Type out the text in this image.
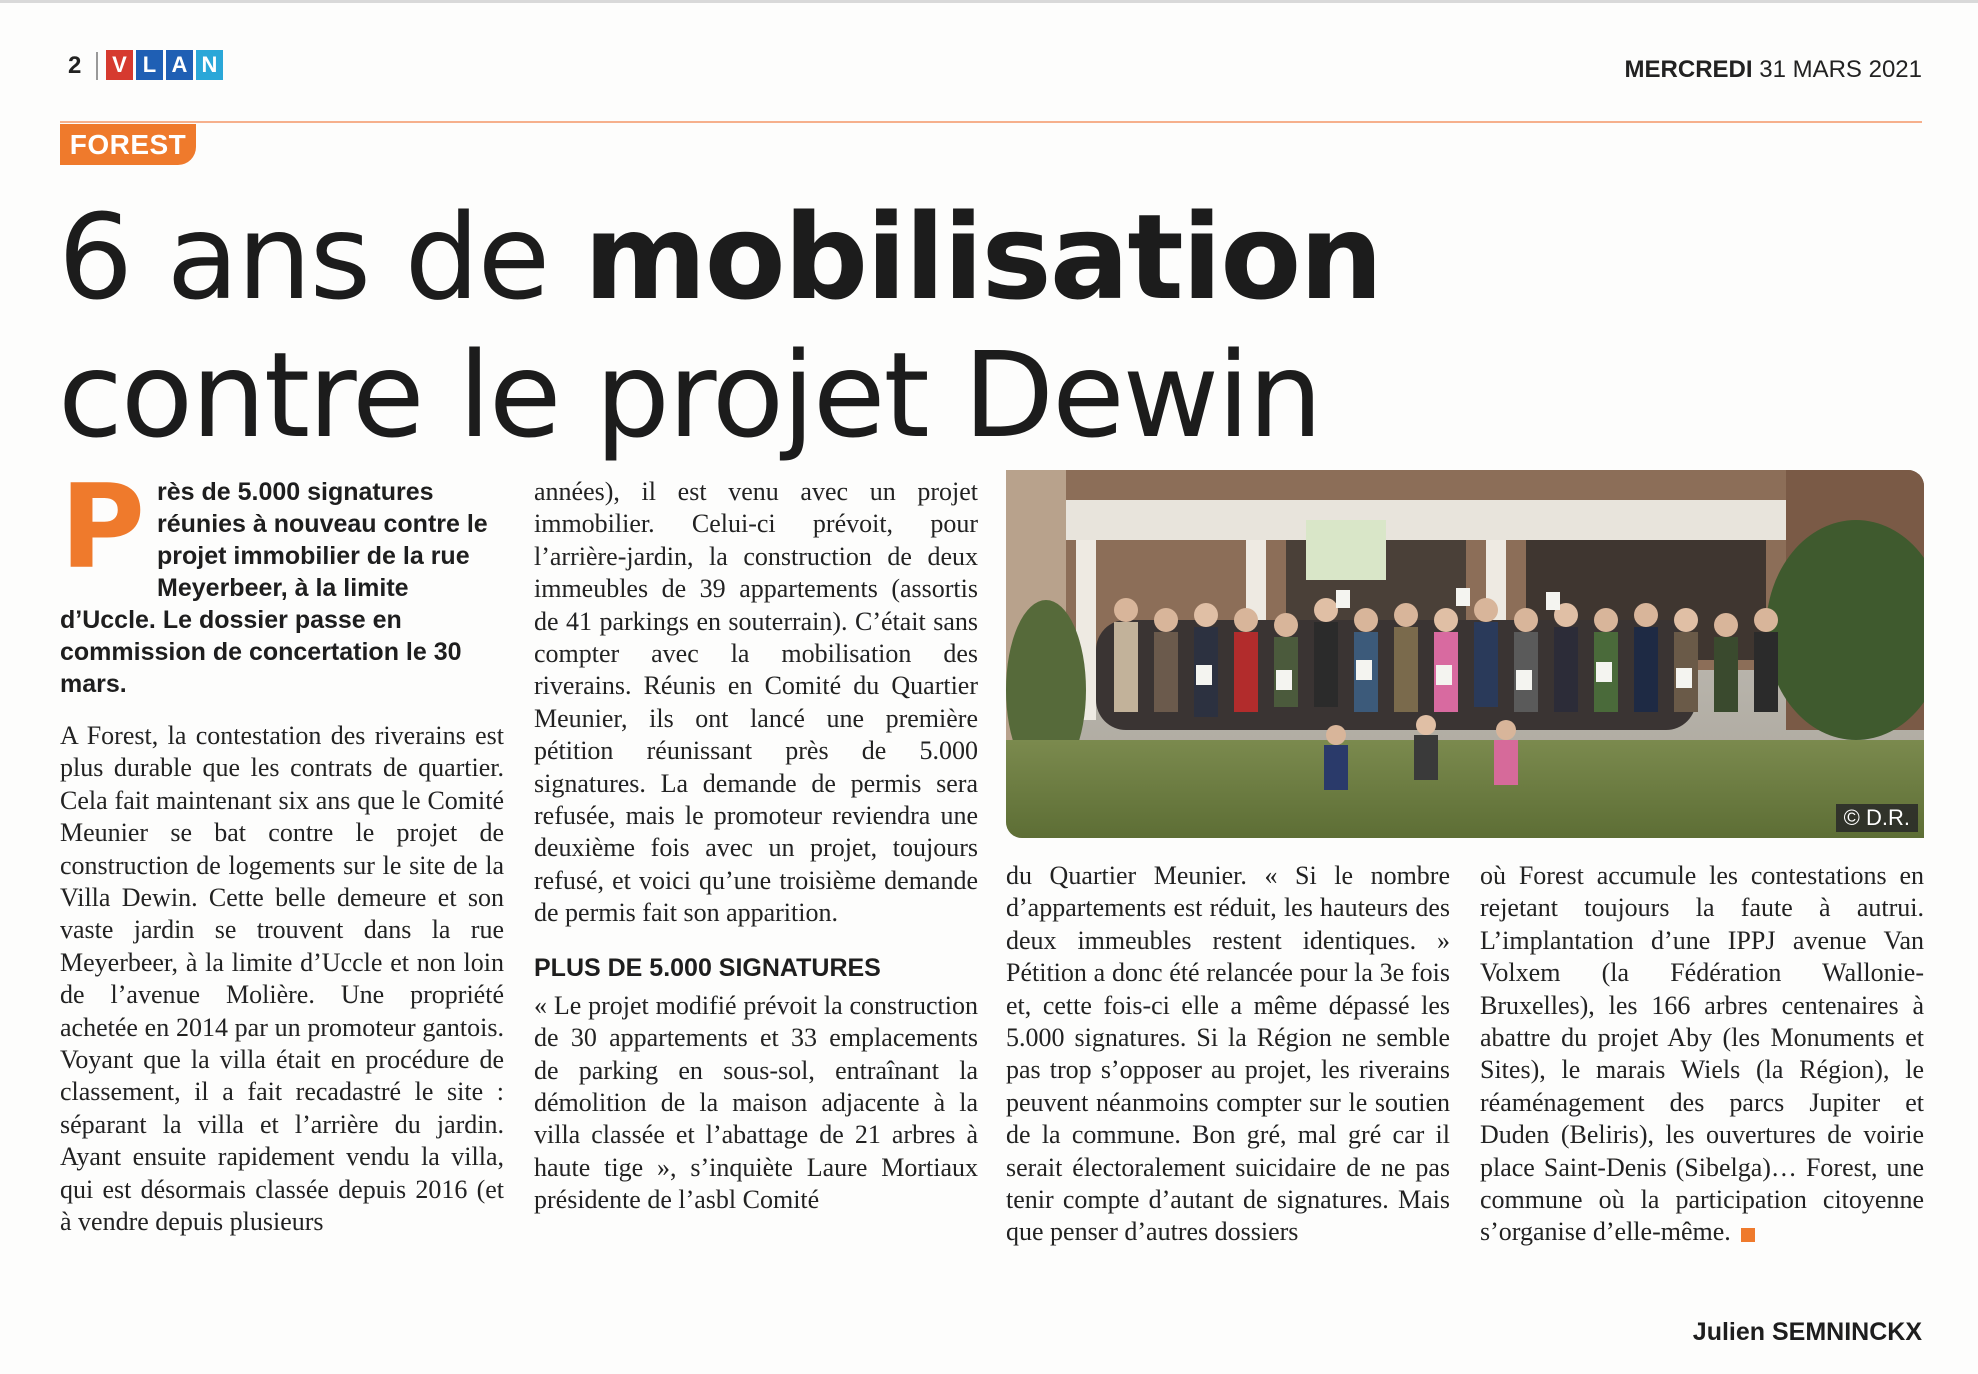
2 V L A N	MERCREDI 31 MARS 2021
FOREST
6 ans de mobilisation
contre le projet Dewin
Près de 5.000 signatures réunies à nouveau contre le projet immobilier de la rue Meyerbeer, à la limite d’Uccle. Le dossier passe en commission de concertation le 30 mars.

A Forest, la contestation des riverains est plus durable que les contrats de quartier. Cela fait maintenant six ans que le Comité Meunier se bat contre le projet de construction de logements sur le site de la Villa Dewin. Cette belle demeure et son vaste jardin se trouvent dans la rue Meyerbeer, à la limite d’Uccle et non loin de l’avenue Molière. Une propriété achetée en 2014 par un promoteur gantois. Voyant que la villa était en procédure de classement, il a fait recadastré le site : séparant la villa et l’arrière du jardin. Ayant ensuite rapidement vendu la villa, qui est désormais classée depuis 2016 (et à vendre depuis plusieurs

années), il est venu avec un projet immobilier. Celui-ci prévoit, pour l’arrière-jardin, la construction de deux immeubles de 39 appartements (assortis de 41 parkings en souterrain). C’était sans compter avec la mobilisation des riverains. Réunis en Comité du Quartier Meunier, ils ont lancé une première pétition réunissant près de 5.000 signatures. La demande de permis sera refusée, mais le promoteur reviendra une deuxième fois avec un projet, toujours refusé, et voici qu’une troisième demande de permis fait son apparition.

PLUS DE 5.000 SIGNATURES

« Le projet modifié prévoit la construction de 30 appartements et 33 emplacements de parking en sous-sol, entraînant la démolition de la maison adjacente à la villa classée et l’abattage de 21 arbres à haute tige », s’inquiète Laure Mortiaux présidente de l’asbl Comité

© D.R.

du Quartier Meunier. « Si le nombre d’appartements est réduit, les hauteurs des deux immeubles restent identiques. » Pétition a donc été relancée pour la 3e fois et, cette fois-ci elle a même dépassé les 5.000 signatures. Si la Région ne semble pas trop s’opposer au projet, les riverains peuvent néanmoins compter sur le soutien de la commune. Bon gré, mal gré car il serait électoralement suicidaire de ne pas tenir compte d’autant de signatures. Mais que penser d’autres dossiers

où Forest accumule les contestations en rejetant toujours la faute à autrui. L’implantation d’une IPPJ avenue Van Volxem (la Fédération Wallonie-Bruxelles), les 166 arbres centenaires à abattre du projet Aby (les Monuments et Sites), le marais Wiels (la Région), le réaménagement des parcs Jupiter et Duden (Beliris), les ouvertures de voirie place Saint-Denis (Sibelga)… Forest, une commune où la participation citoyenne s’organise d’elle-même.

Julien SEMNINCKX
